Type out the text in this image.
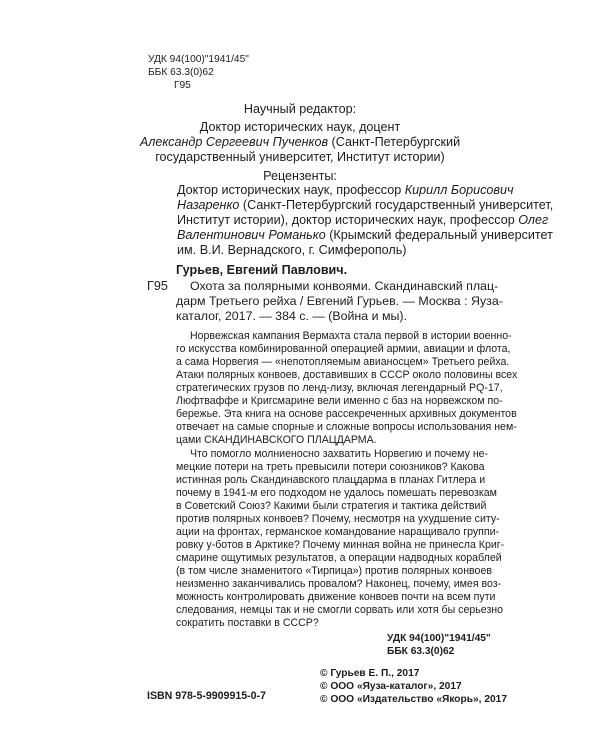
УДК 94(100)"1941/45"
ББК 63.3(0)62
Г95
Научный редактор:
Доктор исторических наук, доцент
Александр Сергеевич Пученков (Санкт-Петербургский
государственный университет, Институт истории)
Рецензенты:
Доктор исторических наук, профессор Кирилл Борисович
Назаренко (Санкт-Петербургский государственный университет,
Институт истории), доктор исторических наук, профессор Олег
Валентинович Романько (Крымский федеральный университет
им. В.И. Вернадского, г. Симферополь)
Гурьев, Евгений Павлович.
Г95 Охота за полярными конвоями. Скандинавский плац-
дарм Третьего рейха / Евгений Гурьев. — Москва : Яуза-
каталог, 2017. — 384 с. — (Война и мы).
Норвежская кампания Вермахта стала первой в истории военно-
го искусства комбинированной операцией армии, авиации и флота,
а сама Норвегия — «непотопляемым авианосцем» Третьего рейха.
Атаки полярных конвоев, доставивших в СССР около половины всех
стратегических грузов по ленд-лизу, включая легендарный PQ-17,
Люфтваффе и Кригсмарине вели именно с баз на норвежском по-
бережье. Эта книга на основе рассекреченных архивных документов
отвечает на самые спорные и сложные вопросы использования нем-
цами СКАНДИНАВСКОГО ПЛАЦДАРМА.
Что помогло молниеносно захватить Норвегию и почему не-
мецкие потери на треть превысили потери союзников? Какова
истинная роль Скандинавского плацдарма в планах Гитлера и
почему в 1941-м его подходом не удалось помешать перевозкам
в Советский Союз? Какими были стратегия и тактика действий
против полярных конвоев? Почему, несмотря на ухудшение ситу-
ации на фронтах, германское командование наращивало группи-
ровку у-ботов в Арктике? Почему минная война не принесла Криг-
смарине ощутимых результатов, а операции надводных кораблей
(в том числе знаменитого «Тирпица») против полярных конвоев
неизменно заканчивались провалом? Наконец, почему, имея воз-
можность контролировать движение конвоев почти на всем пути
следования, немцы так и не смогли сорвать или хотя бы серьезно
сократить поставки в СССР?
УДК 94(100)"1941/45"
ББК 63.3(0)62
ISBN 978-5-9909915-0-7
© Гурьев Е. П., 2017
© ООО «Яуза-каталог», 2017
© ООО «Издательство «Якорь», 2017
